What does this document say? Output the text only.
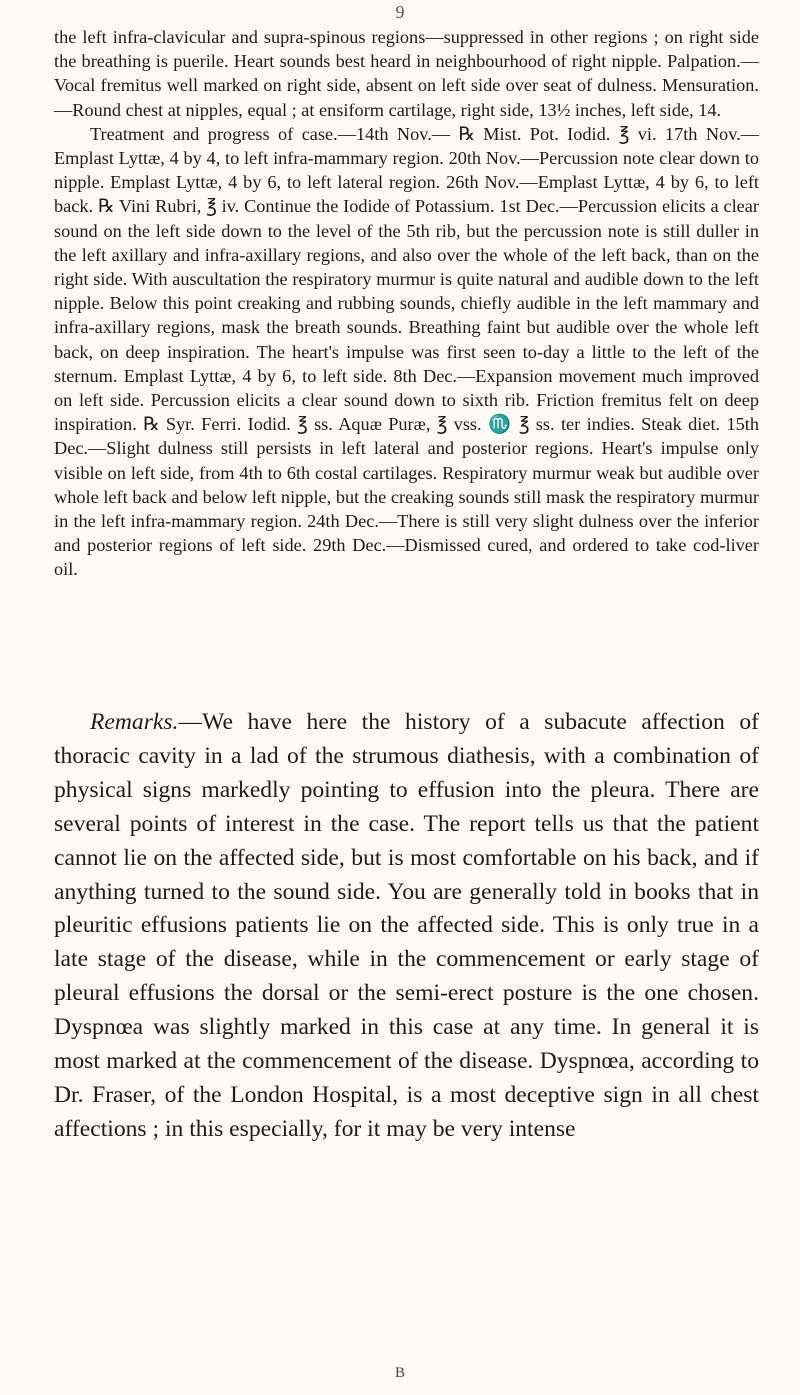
9

the left infra-clavicular and supra-spinous regions—suppressed in other regions ; on right side the breathing is puerile. Heart sounds best heard in neighbourhood of right nipple. Palpation.—Vocal fremitus well marked on right side, absent on left side over seat of dulness. Mensuration.—Round chest at nipples, equal ; at ensiform cartilage, right side, 13½ inches, left side, 14.

Treatment and progress of case.—14th Nov.— ℞ Mist. Pot. Iodid. ℥ vi. 17th Nov.—Emplast Lyttæ, 4 by 4, to left infra-mammary region. 20th Nov.—Percussion note clear down to nipple. Emplast Lyttæ, 4 by 6, to left lateral region. 26th Nov.—Emplast Lyttæ, 4 by 6, to left back. ℞ Vini Rubri, ℥ iv. Continue the Iodide of Potassium. 1st Dec.—Percussion elicits a clear sound on the left side down to the level of the 5th rib, but the percussion note is still duller in the left axillary and infra-axillary regions, and also over the whole of the left back, than on the right side. With auscultation the respiratory murmur is quite natural and audible down to the left nipple. Below this point creaking and rubbing sounds, chiefly audible in the left mammary and infra-axillary regions, mask the breath sounds. Breathing faint but audible over the whole left back, on deep inspiration. The heart's impulse was first seen to-day a little to the left of the sternum. Emplast Lyttæ, 4 by 6, to left side. 8th Dec.—Expansion movement much improved on left side. Percussion elicits a clear sound down to sixth rib. Friction fremitus felt on deep inspiration. ℞ Syr. Ferri. Iodid. ℥ ss. Aquæ Puræ, ℥ vss. ♏ ℥ ss. ter indies. Steak diet. 15th Dec.—Slight dulness still persists in left lateral and posterior regions. Heart's impulse only visible on left side, from 4th to 6th costal cartilages. Respiratory murmur weak but audible over whole left back and below left nipple, but the creaking sounds still mask the respiratory murmur in the left infra-mammary region. 24th Dec.—There is still very slight dulness over the inferior and posterior regions of left side. 29th Dec.—Dismissed cured, and ordered to take cod-liver oil.

Remarks.—We have here the history of a subacute affection of thoracic cavity in a lad of the strumous diathesis, with a combination of physical signs markedly pointing to effusion into the pleura. There are several points of interest in the case. The report tells us that the patient cannot lie on the affected side, but is most comfortable on his back, and if anything turned to the sound side. You are generally told in books that in pleuritic effusions patients lie on the affected side. This is only true in a late stage of the disease, while in the commencement or early stage of pleural effusions the dorsal or the semi-erect posture is the one chosen. Dyspnœa was slightly marked in this case at any time. In general it is most marked at the commencement of the disease. Dyspnœa, according to Dr. Fraser, of the London Hospital, is a most deceptive sign in all chest affections ; in this especially, for it may be very intense

B
